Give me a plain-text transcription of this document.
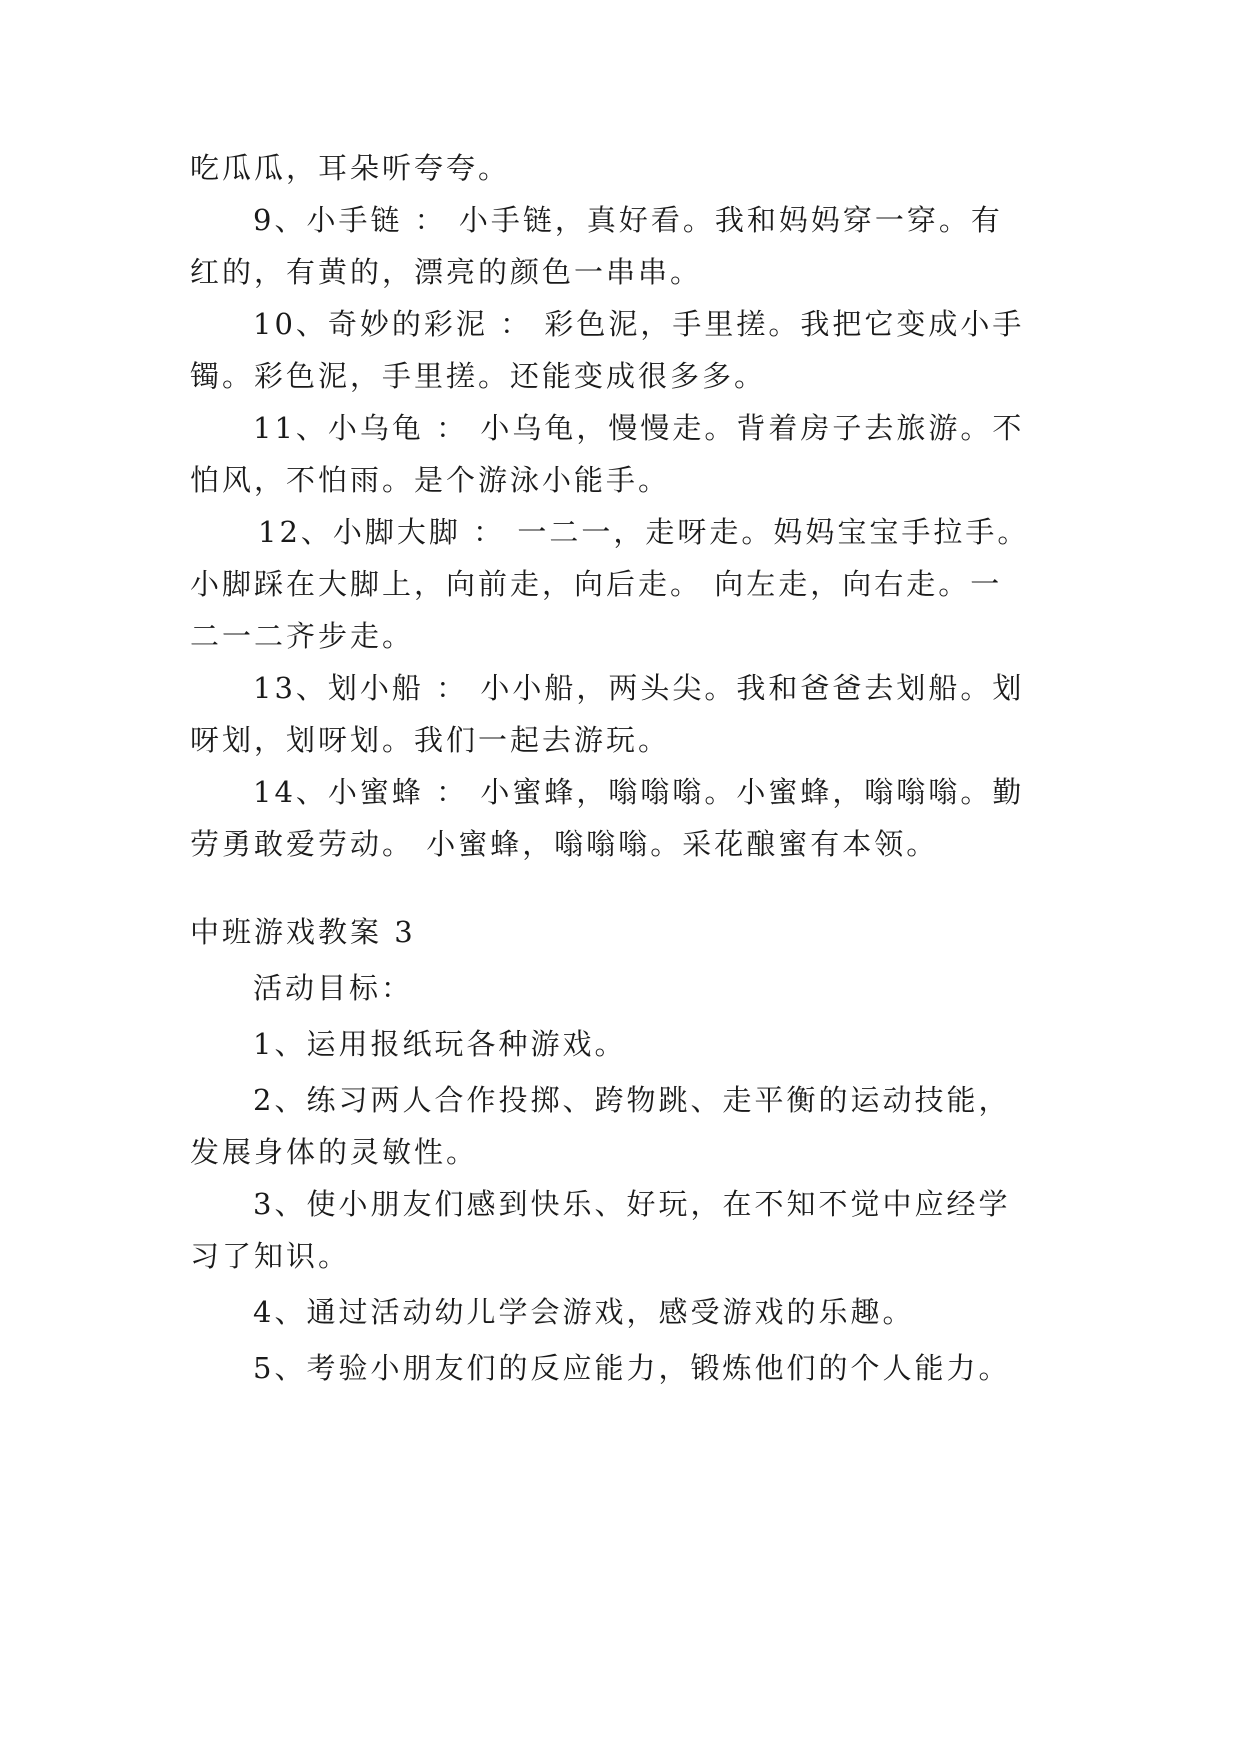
吃瓜瓜，耳朵听夸夸。
9、小手链 ： 小手链，真好看。我和妈妈穿一穿。有
红的，有黄的，漂亮的颜色一串串。
10、奇妙的彩泥 ： 彩色泥，手里搓。我把它变成小手
镯。彩色泥，手里搓。还能变成很多多。
11、小乌龟 ： 小乌龟，慢慢走。背着房子去旅游。不
怕风，不怕雨。是个游泳小能手。
12、小脚大脚 ： 一二一，走呀走。妈妈宝宝手拉手。
小脚踩在大脚上，向前走，向后走。 向左走，向右走。一
二一二齐步走。
13、划小船 ： 小小船，两头尖。我和爸爸去划船。划
呀划，划呀划。我们一起去游玩。
14、小蜜蜂 ： 小蜜蜂，嗡嗡嗡。小蜜蜂，嗡嗡嗡。勤
劳勇敢爱劳动。 小蜜蜂，嗡嗡嗡。采花酿蜜有本领。
中班游戏教案 3
活动目标：
1、运用报纸玩各种游戏。
2、练习两人合作投掷、跨物跳、走平衡的运动技能，
发展身体的灵敏性。
3、使小朋友们感到快乐、好玩，在不知不觉中应经学
习了知识。
4、通过活动幼儿学会游戏，感受游戏的乐趣。
5、考验小朋友们的反应能力，锻炼他们的个人能力。
